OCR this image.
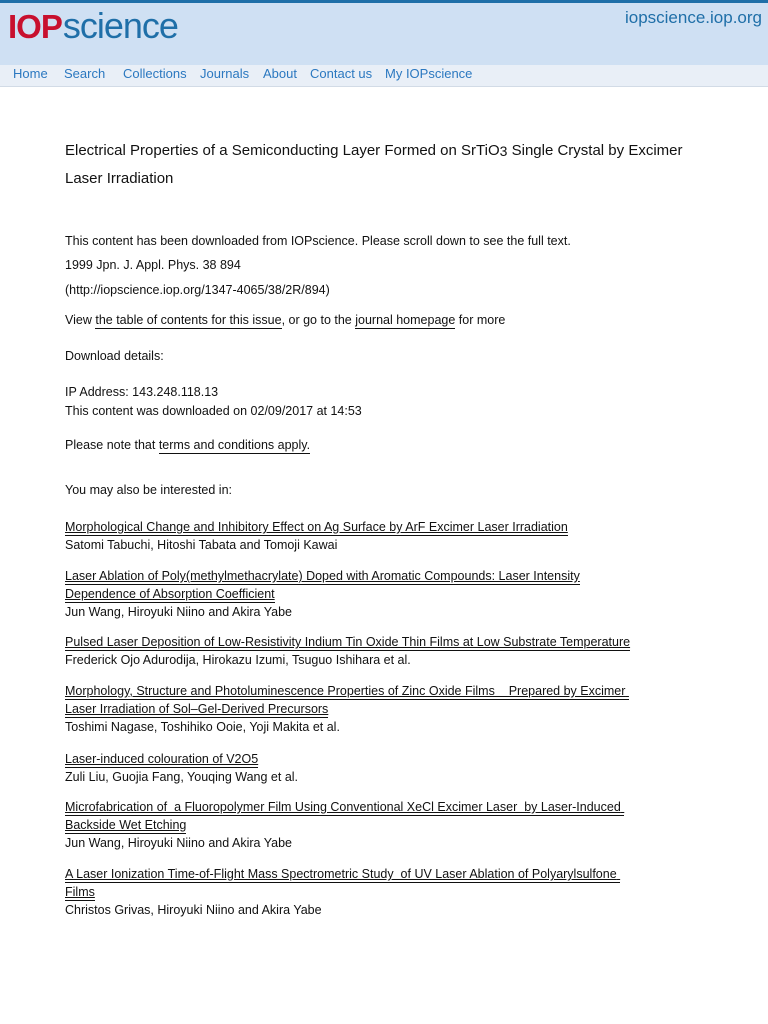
IOP science	iopscience.iop.org
Home Search Collections Journals About Contact us My IOPscience
Electrical Properties of a Semiconducting Layer Formed on SrTiO$_3$ Single Crystal by Excimer
Laser Irradiation
This content has been downloaded from IOPscience. Please scroll down to see the full text.
1999 Jpn. J. Appl. Phys. 38 894
(http://iopscience.iop.org/1347-4065/38/2R/894)
View the table of contents for this issue, or go to the journal homepage for more
Download details:
IP Address: 143.248.118.13
This content was downloaded on 02/09/2017 at 14:53
Please note that terms and conditions apply.
You may also be interested in:
Morphological Change and Inhibitory Effect on Ag Surface by ArF Excimer Laser Irradiation
Satomi Tabuchi, Hitoshi Tabata and Tomoji Kawai
Laser Ablation of Poly(methylmethacrylate) Doped with Aromatic Compounds: Laser Intensity Dependence of Absorption Coefficient
Jun Wang, Hiroyuki Niino and Akira Yabe
Pulsed Laser Deposition of Low-Resistivity Indium Tin Oxide Thin Films at Low Substrate Temperature
Frederick Ojo Adurodija, Hirokazu Izumi, Tsuguo Ishihara et al.
Morphology, Structure and Photoluminescence Properties of Zinc Oxide Films    Prepared by Excimer Laser Irradiation of Sol–Gel-Derived Precursors
Toshimi Nagase, Toshihiko Ooie, Yoji Makita et al.
Laser-induced colouration of V2O5
Zuli Liu, Guojia Fang, Youqing Wang et al.
Microfabrication of  a Fluoropolymer Film Using Conventional XeCl Excimer Laser  by Laser-Induced Backside Wet Etching
Jun Wang, Hiroyuki Niino and Akira Yabe
A Laser Ionization Time-of-Flight Mass Spectrometric Study  of UV Laser Ablation of Polyarylsulfone Films
Christos Grivas, Hiroyuki Niino and Akira Yabe
